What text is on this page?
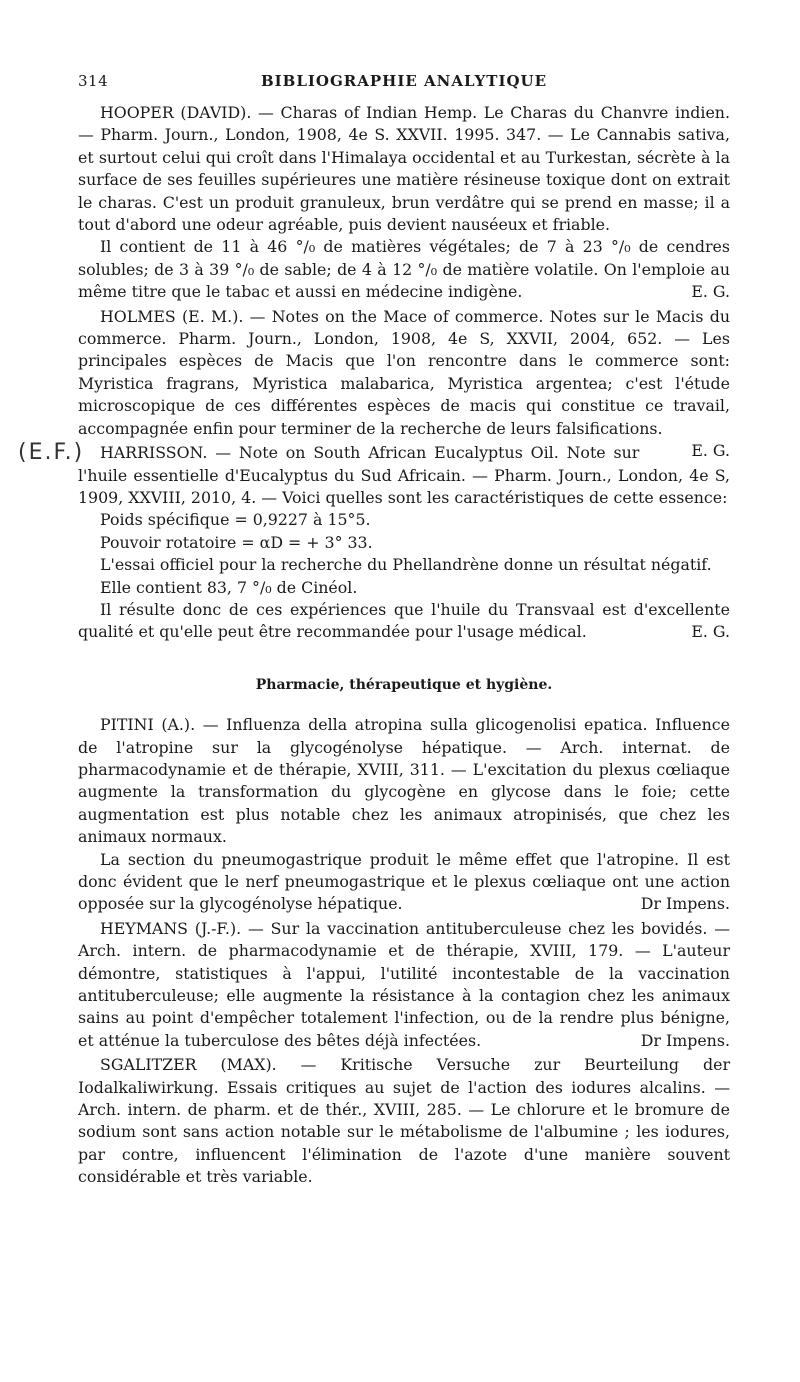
314	BIBLIOGRAPHIE ANALYTIQUE
(E.F.)

HOOPER (DAVID). — Charas of Indian Hemp. Le Charas du Chanvre indien. — Pharm. Journ., London, 1908, 4e S. XXVII. 1995. 347. — Le Cannabis sativa, et surtout celui qui croît dans l'Himalaya occidental et au Turkestan, sécrète à la surface de ses feuilles supérieures une matière résineuse toxique dont on extrait le charas. C'est un produit granuleux, brun verdâtre qui se prend en masse; il a tout d'abord une odeur agréable, puis devient nauséeux et friable.

Il contient de 11 à 46 °/₀ de matières végétales; de 7 à 23 °/₀ de cendres solubles; de 3 à 39 °/₀ de sable; de 4 à 12 °/₀ de matière volatile. On l'emploie au même titre que le tabac et aussi en médecine indigène.	E. G.

HOLMES (E. M.). — Notes on the Mace of commerce. Notes sur le Macis du commerce. Pharm. Journ., London, 1908, 4e S, XXVII, 2004, 652. — Les principales espèces de Macis que l'on rencontre dans le commerce sont: Myristica fragrans, Myristica malabarica, Myristica argentea; c'est l'étude microscopique de ces différentes espèces de macis qui constitue ce travail, accompagnée enfin pour terminer de la recherche de leurs falsifications.
E. G.

HARRISSON. — Note on South African Eucalyptus Oil. Note sur l'huile essentielle d'Eucalyptus du Sud Africain. — Pharm. Journ., London, 4e S, 1909, XXVIII, 2010, 4. — Voici quelles sont les caractéristiques de cette essence:

Poids spécifique = 0,9227 à 15°5.

Pouvoir rotatoire = αD = + 3° 33.

L'essai officiel pour la recherche du Phellandrène donne un résultat négatif.

Elle contient 83, 7 °/₀ de Cinéol.

Il résulte donc de ces expériences que l'huile du Transvaal est d'excellente qualité et qu'elle peut être recommandée pour l'usage médical.	E. G.

Pharmacie, thérapeutique et hygiène.

PITINI (A.). — Influenza della atropina sulla glicogenolisi epatica. Influence de l'atropine sur la glycogénolyse hépatique. — Arch. internat. de pharmacodynamie et de thérapie, XVIII, 311. — L'excitation du plexus cœliaque augmente la transformation du glycogène en glycose dans le foie; cette augmentation est plus notable chez les animaux atropinisés, que chez les animaux normaux.

La section du pneumogastrique produit le même effet que l'atropine. Il est donc évident que le nerf pneumogastrique et le plexus cœliaque ont une action opposée sur la glycogénolyse hépatique.	Dr Impens.

HEYMANS (J.-F.). — Sur la vaccination antituberculeuse chez les bovidés. — Arch. intern. de pharmacodynamie et de thérapie, XVIII, 179. — L'auteur démontre, statistiques à l'appui, l'utilité incontestable de la vaccination antituberculeuse; elle augmente la résistance à la contagion chez les animaux sains au point d'empêcher totalement l'infection, ou de la rendre plus bénigne, et atténue la tuberculose des bêtes déjà infectées.	Dr Impens.

SGALITZER (MAX). — Kritische Versuche zur Beurteilung der Iodalkaliwirkung. Essais critiques au sujet de l'action des iodures alcalins. — Arch. intern. de pharm. et de thér., XVIII, 285. — Le chlorure et le bromure de sodium sont sans action notable sur le métabolisme de l'albumine ; les iodures, par contre, influencent l'élimination de l'azote d'une manière souvent considérable et très variable.
